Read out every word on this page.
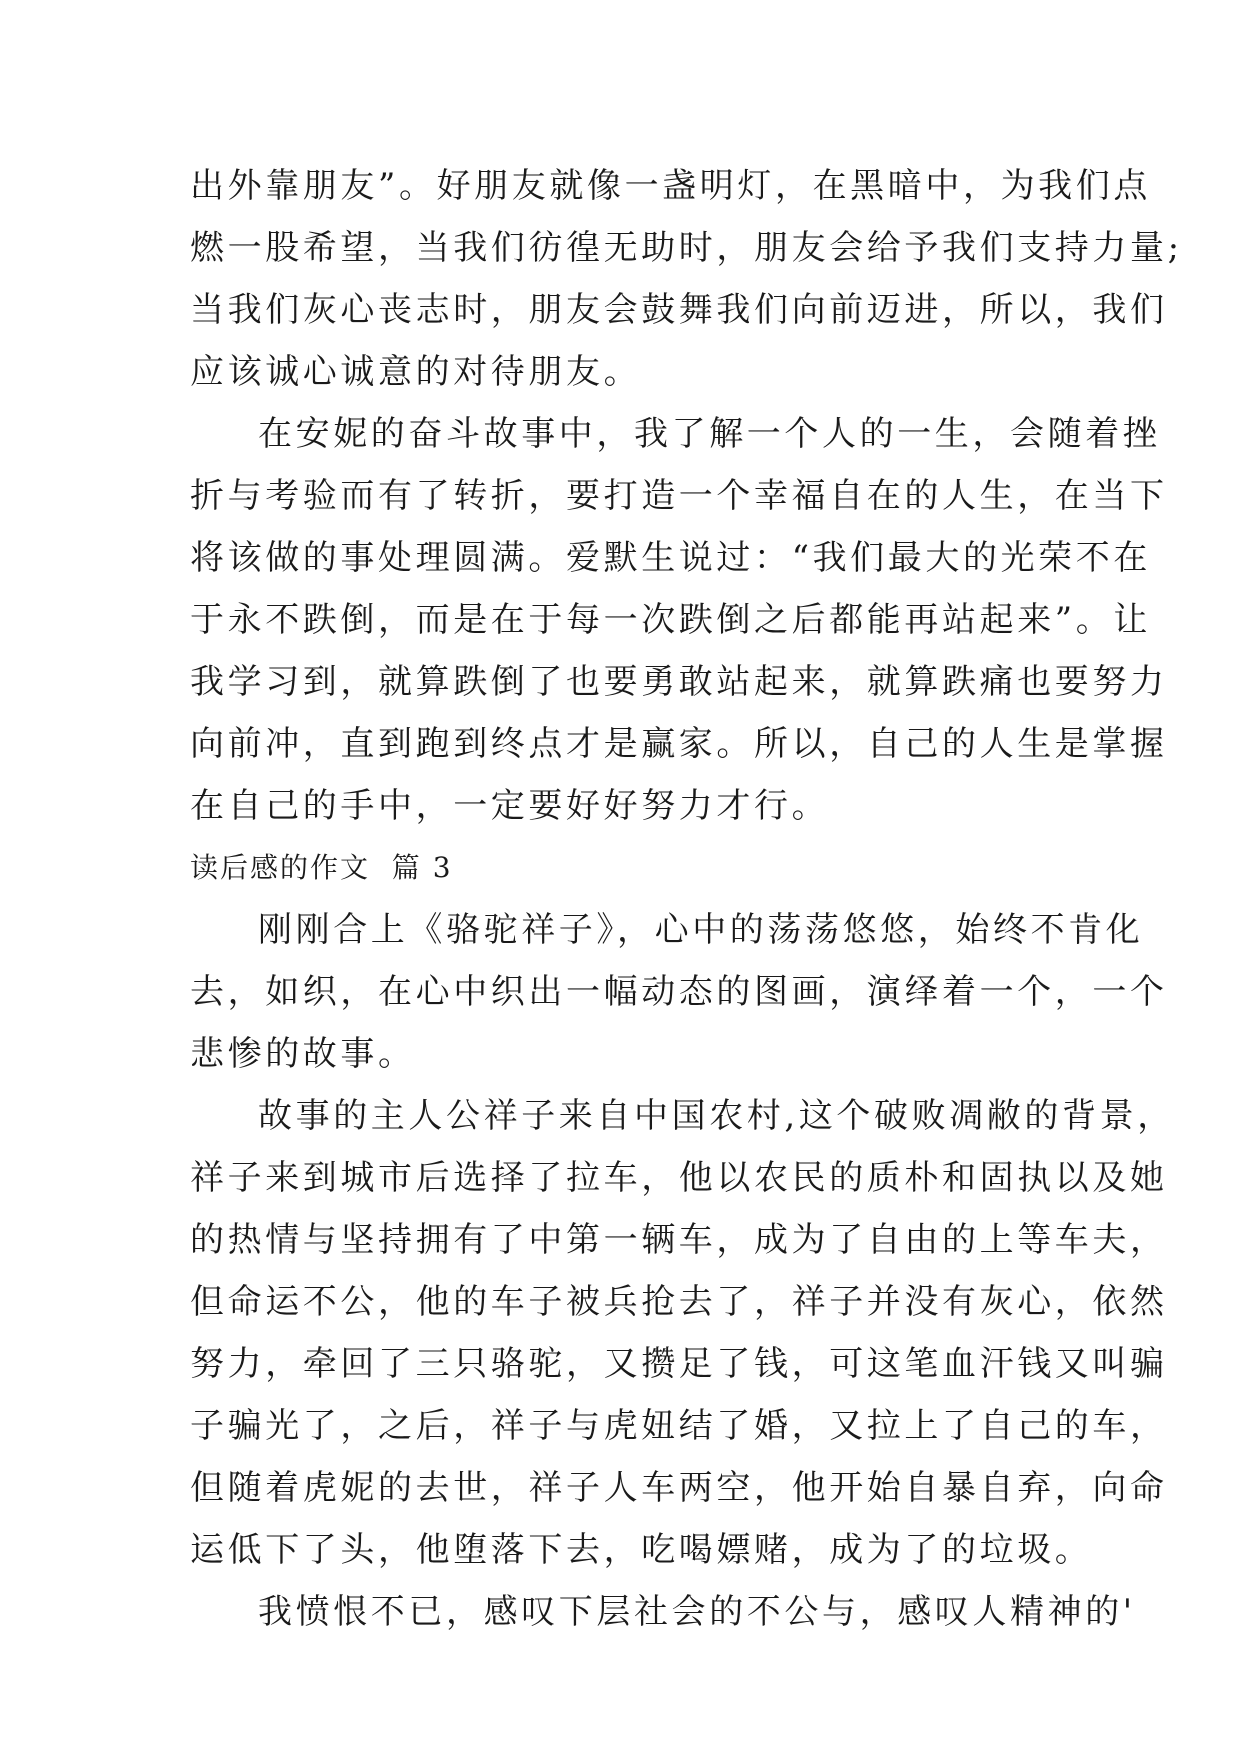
出外靠朋友”。好朋友就像一盏明灯，在黑暗中，为我们点
燃一股希望，当我们彷徨无助时，朋友会给予我们支持力量;
当我们灰心丧志时，朋友会鼓舞我们向前迈进，所以，我们
应该诚心诚意的对待朋友。
在安妮的奋斗故事中，我了解一个人的一生，会随着挫
折与考验而有了转折，要打造一个幸福自在的人生，在当下
将该做的事处理圆满。爱默生说过：“我们最大的光荣不在
于永不跌倒，而是在于每一次跌倒之后都能再站起来”。让
我学习到，就算跌倒了也要勇敢站起来，就算跌痛也要努力
向前冲，直到跑到终点才是赢家。所以，自己的人生是掌握
在自己的手中，一定要好好努力才行。
读后感的作文  篇 3
刚刚合上《骆驼祥子》，心中的荡荡悠悠，始终不肯化
去，如织，在心中织出一幅动态的图画，演绎着一个，一个
悲惨的故事。
故事的主人公祥子来自中国农村,这个破败凋敝的背景，
祥子来到城市后选择了拉车，他以农民的质朴和固执以及她
的热情与坚持拥有了中第一辆车，成为了自由的上等车夫，
但命运不公，他的车子被兵抢去了，祥子并没有灰心，依然
努力，牵回了三只骆驼，又攒足了钱，可这笔血汗钱又叫骗
子骗光了，之后，祥子与虎妞结了婚，又拉上了自己的车，
但随着虎妮的去世，祥子人车两空，他开始自暴自弃，向命
运低下了头，他堕落下去，吃喝嫖赌，成为了的垃圾。
我愤恨不已，感叹下层社会的不公与，感叹人精神的'
